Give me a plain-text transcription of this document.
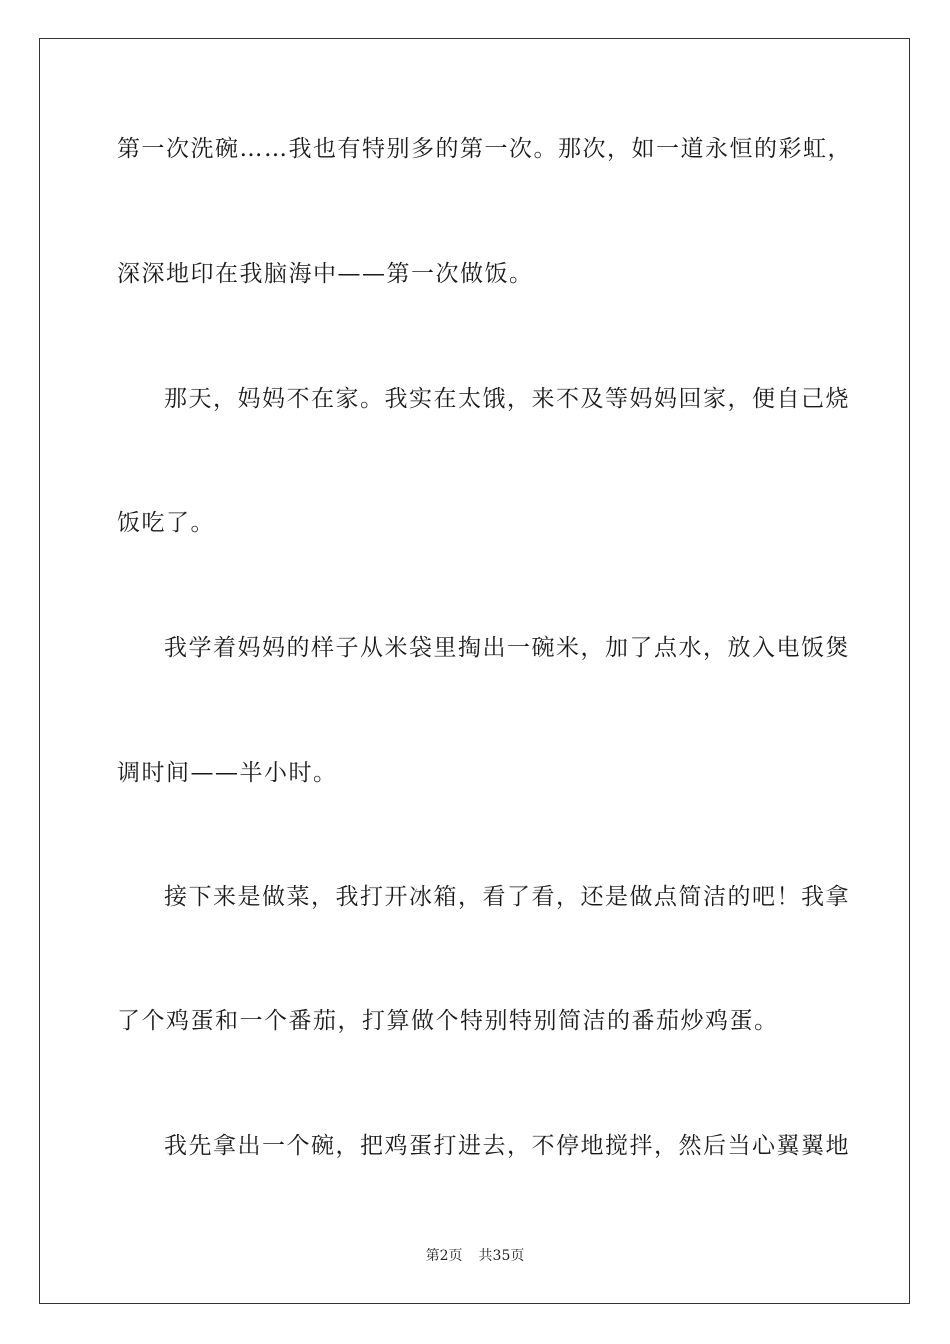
第一次洗碗……我也有特别多的第一次。那次，如一道永恒的彩虹，
深深地印在我脑海中——第一次做饭。
那天，妈妈不在家。我实在太饿，来不及等妈妈回家，便自己烧
饭吃了。
我学着妈妈的样子从米袋里掏出一碗米，加了点水，放入电饭煲
调时间——半小时。
接下来是做菜，我打开冰箱，看了看，还是做点简洁的吧！我拿
了个鸡蛋和一个番茄，打算做个特别特别简洁的番茄炒鸡蛋。
我先拿出一个碗，把鸡蛋打进去，不停地搅拌，然后当心翼翼地
第2页 共35页
